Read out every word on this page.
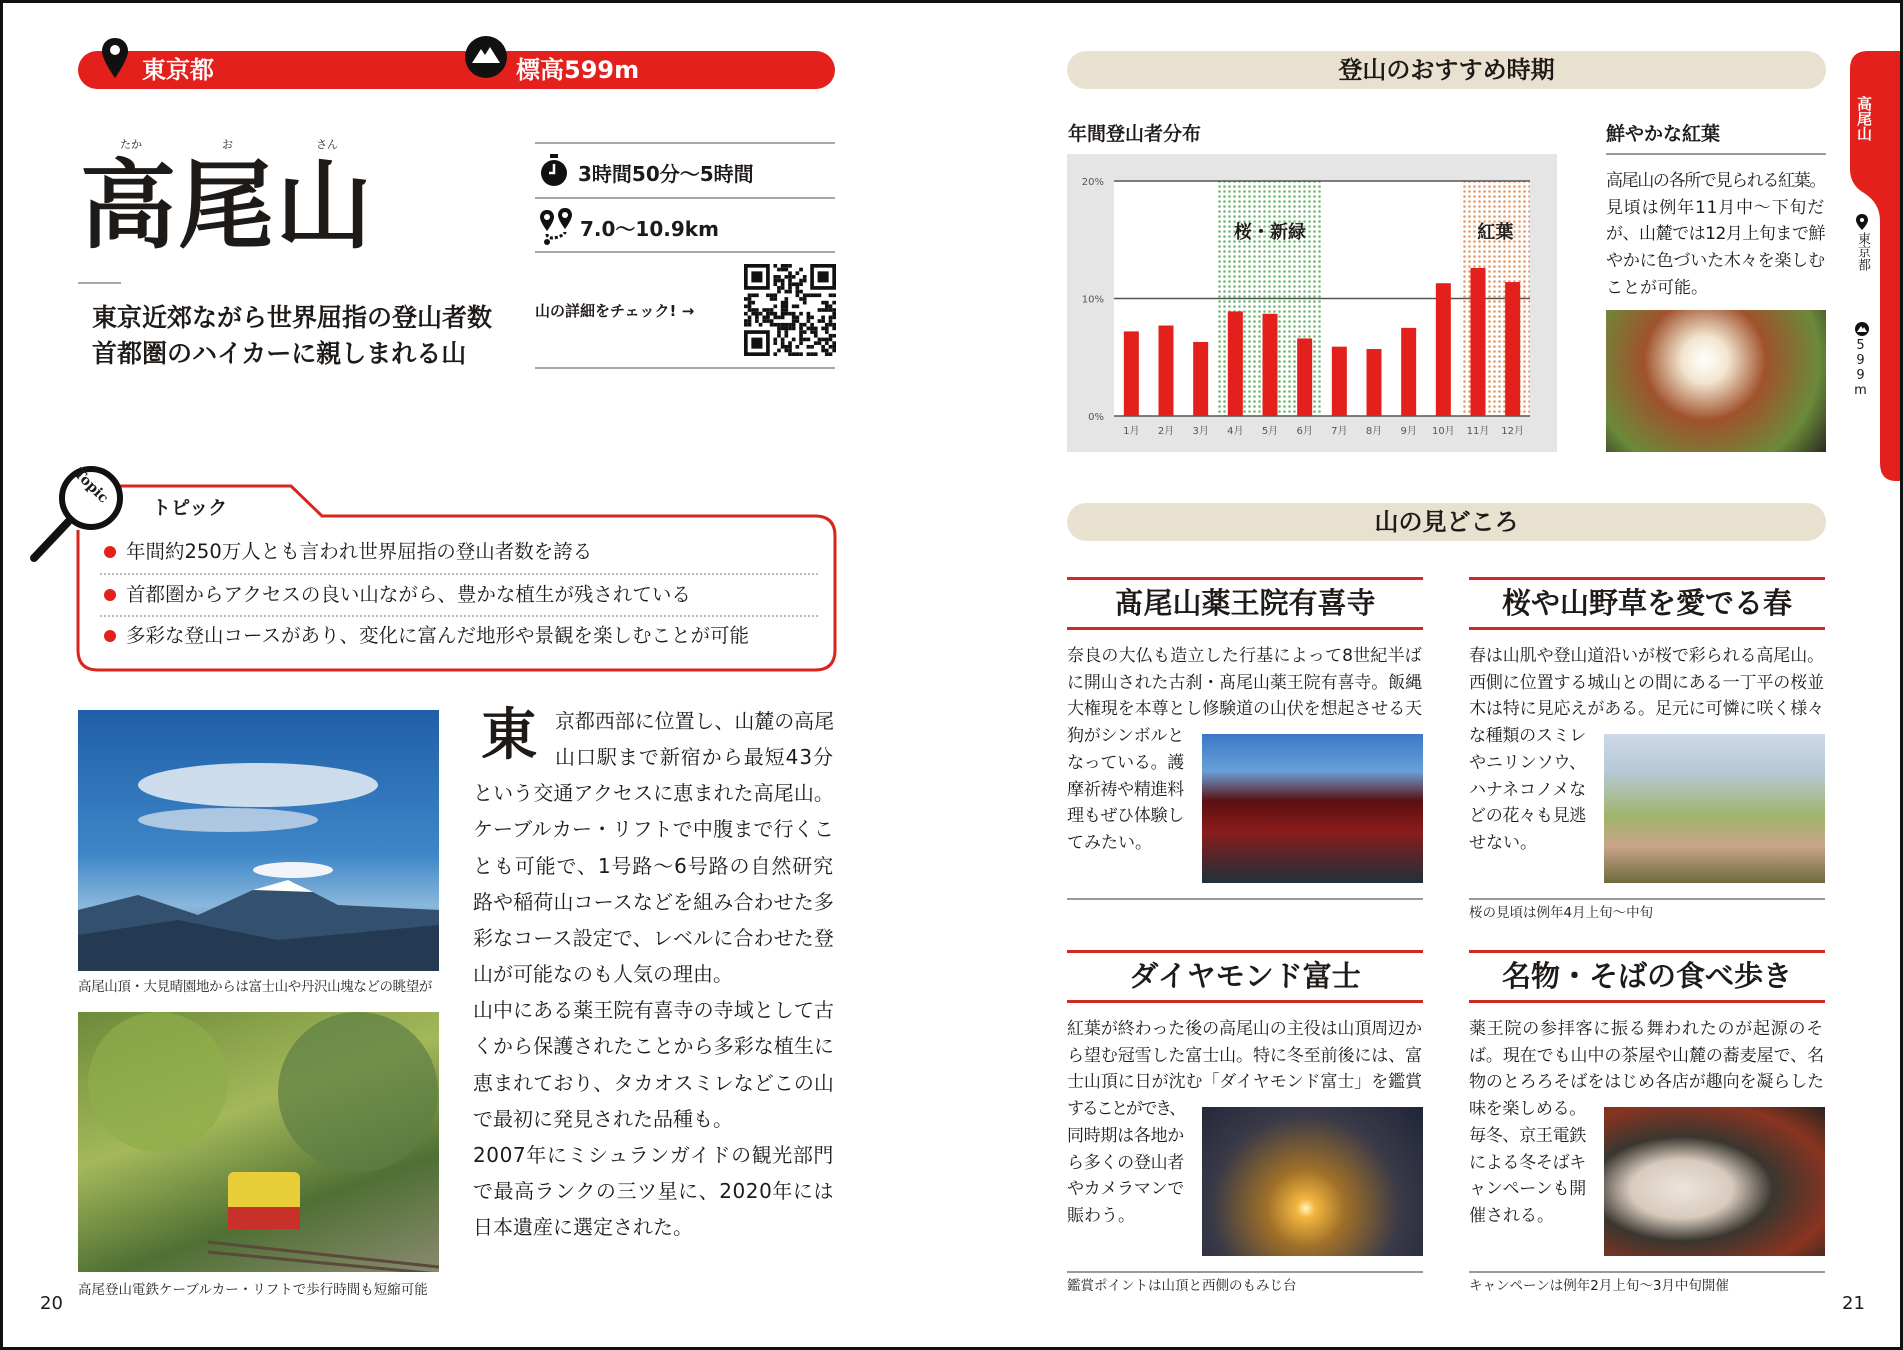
東京都	標高599m
たか	お	さん
高尾山
東京近郊ながら世界屈指の登山者数
首都圏のハイカーに親しまれる山
3時間50分～5時間
7.0～10.9km
山の詳細をチェック! →
Topic
トピック
年間約250万人とも言われ世界屈指の登山者数を誇る
首都圏からアクセスの良い山ながら、豊かな植生が残されている
多彩な登山コースがあり、変化に富んだ地形や景観を楽しむことが可能
高尾山頂・大見晴園地からは富士山や丹沢山塊などの眺望が
高尾登山電鉄ケーブルカー・リフトで歩行時間も短縮可能
20
東 京都西部に位置し、山麓の高尾
山口駅まで新宿から最短43分
という交通アクセスに恵まれた高尾山。
ケーブルカー・リフトで中腹まで行くこ
とも可能で、1号路～6号路の自然研究
路や稲荷山コースなどを組み合わせた多
彩なコース設定で、レベルに合わせた登
山が可能なのも人気の理由。
山中にある薬王院有喜寺の寺域として古
くから保護されたことから多彩な植生に
恵まれており、タカオスミレなどこの山
で最初に発見された品種も。
2007年にミシュランガイドの観光部門
で最高ランクの三ツ星に、2020年には
日本遺産に選定された。
登山のおすすめ時期
年間登山者分布
桜・新緑	紅葉
0%
10%
20%
1月 2月 3月 4月 5月 6月 7月 8月 9月 10月 11月 12月
鮮やかな紅葉
高尾山の各所で見られる紅葉。
見頃は例年11月中～下旬だ
が、山麓では12月上旬まで鮮
やかに色づいた木々を楽しむ
ことが可能。
高尾山
東京都
599m
山の見どころ
髙尾山薬王院有喜寺
奈良の大仏も造立した行基によって8世紀半ば
に開山された古刹・髙尾山薬王院有喜寺。飯縄
大権現を本尊とし修験道の山伏を想起させる天
狗がシンボルと
なっている。護
摩祈祷や精進料
理もぜひ体験し
てみたい。
桜や山野草を愛でる春
春は山肌や登山道沿いが桜で彩られる高尾山。
西側に位置する城山との間にある一丁平の桜並
木は特に見応えがある。足元に可憐に咲く様々
な種類のスミレ
やニリンソウ、
ハナネコノメな
どの花々も見逃
せない。
桜の見頃は例年4月上旬～中旬
ダイヤモンド富士
紅葉が終わった後の高尾山の主役は山頂周辺か
ら望む冠雪した富士山。特に冬至前後には、富
士山頂に日が沈む「ダイヤモンド富士」を鑑賞
することができ、
同時期は各地か
ら多くの登山者
やカメラマンで
賑わう。
鑑賞ポイントは山頂と西側のもみじ台
名物・そばの食べ歩き
薬王院の参拝客に振る舞われたのが起源のそ
ば。現在でも山中の茶屋や山麓の蕎麦屋で、名
物のとろろそばをはじめ各店が趣向を凝らした
味を楽しめる。
毎冬、京王電鉄
による冬そばキ
ャンペーンも開
催される。
キャンペーンは例年2月上旬～3月中旬開催
21
